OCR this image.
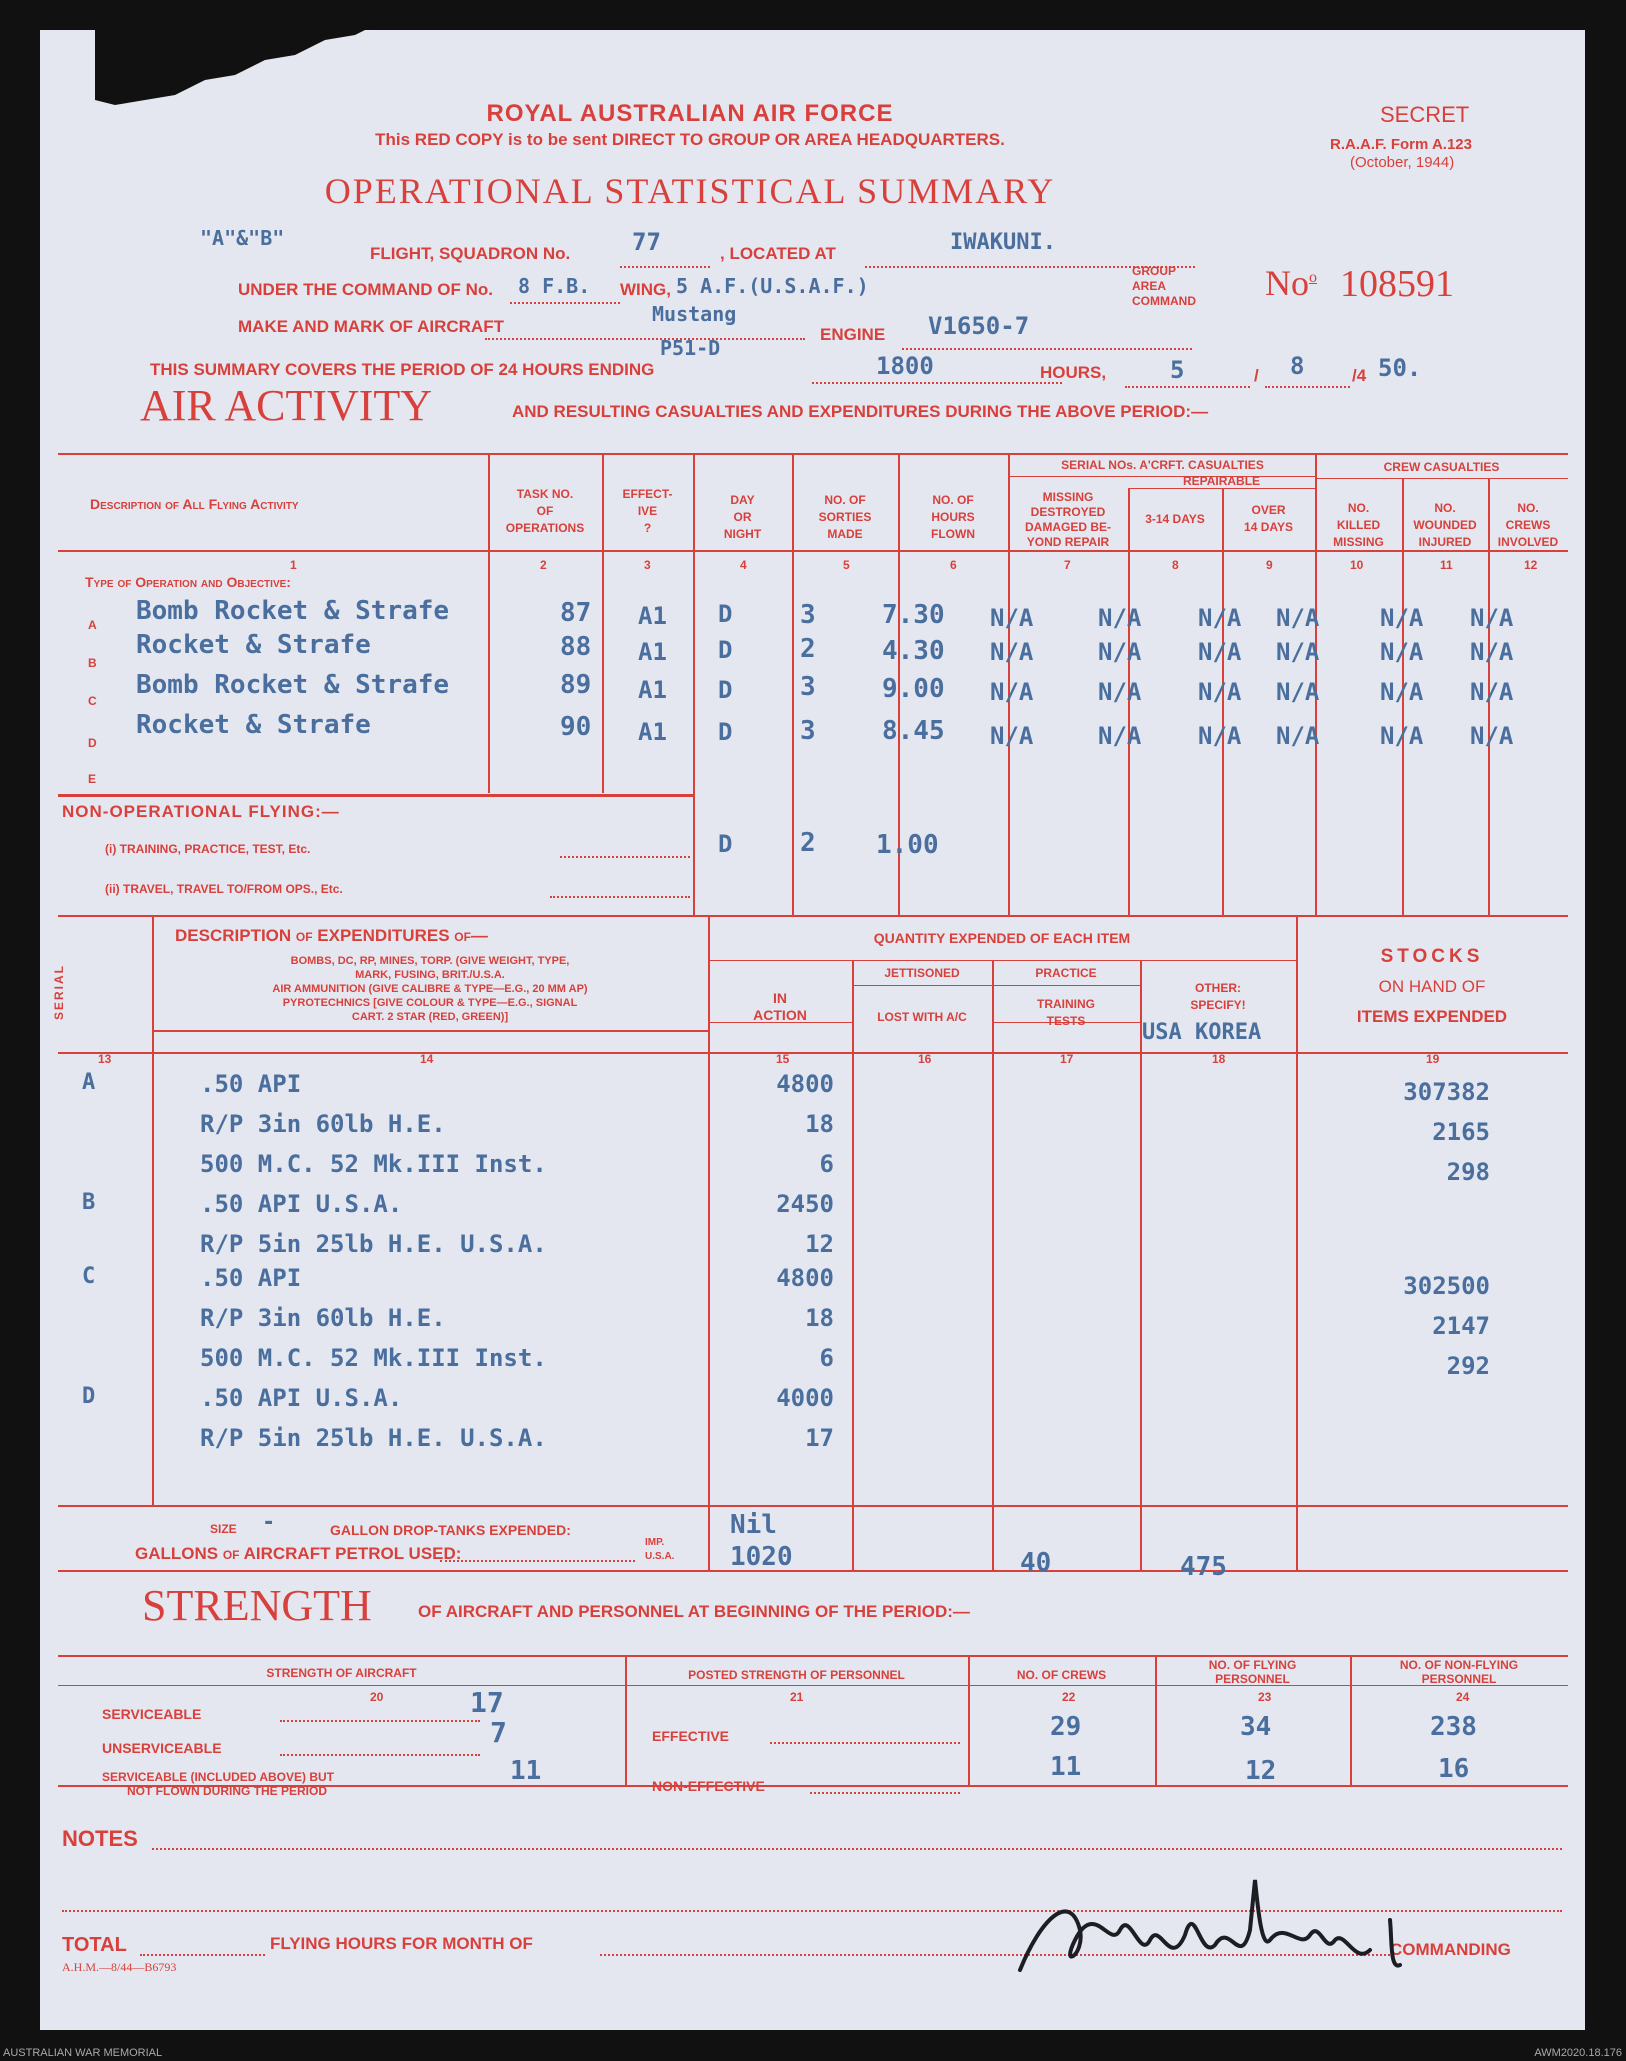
ROYAL AUSTRALIAN AIR FORCE
This RED COPY is to be sent DIRECT TO GROUP OR AREA HEADQUARTERS.
OPERATIONAL STATISTICAL SUMMARY
SECRET
R.A.A.F. Form A.123
(October, 1944)
No$^o$ 108591
"A"&"B"
FLIGHT, SQUADRON No.	77	, LOCATED AT	IWAKUNI.
UNDER THE COMMAND OF No. 8 F.B. WING, 5 A.F.(U.S.A.F.)
GROUP
AREA
COMMAND
MAKE AND MARK OF AIRCRAFT
Mustang
P51-D
ENGINE V1650-7
THIS SUMMARY COVERS THE PERIOD OF 24 HOURS ENDING	1800	HOURS,	5	/ 8	/4 50.
AIR ACTIVITY	AND RESULTING CASUALTIES AND EXPENDITURES DURING THE ABOVE PERIOD:—
Description of All Flying Activity
TASK NO.
OF
OPERATIONS
EFFECT-
IVE
?
DAY
OR
NIGHT
NO. OF
SORTIES
MADE
NO. OF
HOURS
FLOWN
SERIAL NOs. A'CRFT. CASUALTIES
MISSING
DESTROYED
DAMAGED BE-
YOND REPAIR
REPAIRABLE
3-14 DAYS
OVER
14 DAYS
CREW CASUALTIES
NO.
KILLED
MISSING
NO.
WOUNDED
INJURED
NO.
CREWS
INVOLVED
1	2	3	4	5	6	7	8	9	10	11	12
Type of Operation and Objective:
A
B
C
D
E
Bomb Rocket & Strafe	87 A1 D	3	7.30 N/A	N/A N/A N/A	N/A N/A
Rocket & Strafe	88 A1 D	2	4.30 N/A	N/A N/A N/A	N/A N/A
Bomb Rocket & Strafe	89 A1 D	3	9.00 N/A	N/A N/A N/A	N/A N/A
Rocket & Strafe	90 A1 D	3	8.45 N/A	N/A N/A N/A	N/A N/A
NON-OPERATIONAL FLYING:—
(i) TRAINING, PRACTICE, TEST, Etc.
(ii) TRAVEL, TRAVEL TO/FROM OPS., Etc.
D	2 1.00
SERIAL
DESCRIPTION of EXPENDITURES of—
BOMBS, DC, RP, MINES, TORP. (GIVE WEIGHT, TYPE,
MARK, FUSING, BRIT./U.S.A.
AIR AMMUNITION (GIVE CALIBRE & TYPE—E.G., 20 MM AP)
PYROTECHNICS [GIVE COLOUR & TYPE—E.G., SIGNAL
CART. 2 STAR (RED, GREEN)]
QUANTITY EXPENDED OF EACH ITEM
IN
ACTION
JETTISONED
LOST WITH A/C
PRACTICE
TRAINING
TESTS
OTHER:
SPECIFY!
USA KOREA
STOCKS
ON HAND OF
ITEMS EXPENDED
13	14	15	16	17	18	19
A	.50 API	4800	307382
R/P 3in 60lb H.E.	18	2165
500 M.C. 52 Mk.III Inst.	6	298
B	.50 API U.S.A.	2450
R/P 5in 25lb H.E. U.S.A.	12
C	.50 API	4800	302500
R/P 3in 60lb H.E.	18	2147
500 M.C. 52 Mk.III Inst.	6	292
D	.50 API U.S.A.	4000
R/P 5in 25lb H.E. U.S.A.	17
SIZE -	GALLON DROP-TANKS EXPENDED:	Nil
GALLONS of AIRCRAFT PETROL USED:
IMP.
U.S.A. 1020	40	475
STRENGTH	OF AIRCRAFT AND PERSONNEL AT BEGINNING OF THE PERIOD:—
STRENGTH OF AIRCRAFT	POSTED STRENGTH OF PERSONNEL	NO. OF CREWS
NO. OF FLYING
PERSONNEL
NO. OF NON-FLYING
PERSONNEL
20	21	22	23	24
SERVICEABLE	17
UNSERVICEABLE	7
SERVICEABLE (INCLUDED ABOVE) BUT
NOT FLOWN DURING THE PERIOD
11
EFFECTIVE
NON-EFFECTIVE
29	34	238
11	12	16
NOTES
TOTAL	FLYING HOURS FOR MONTH OF	COMMANDING
A.H.M.—8/44—B6793
AUSTRALIAN WAR MEMORIAL	AWM2020.18.176
